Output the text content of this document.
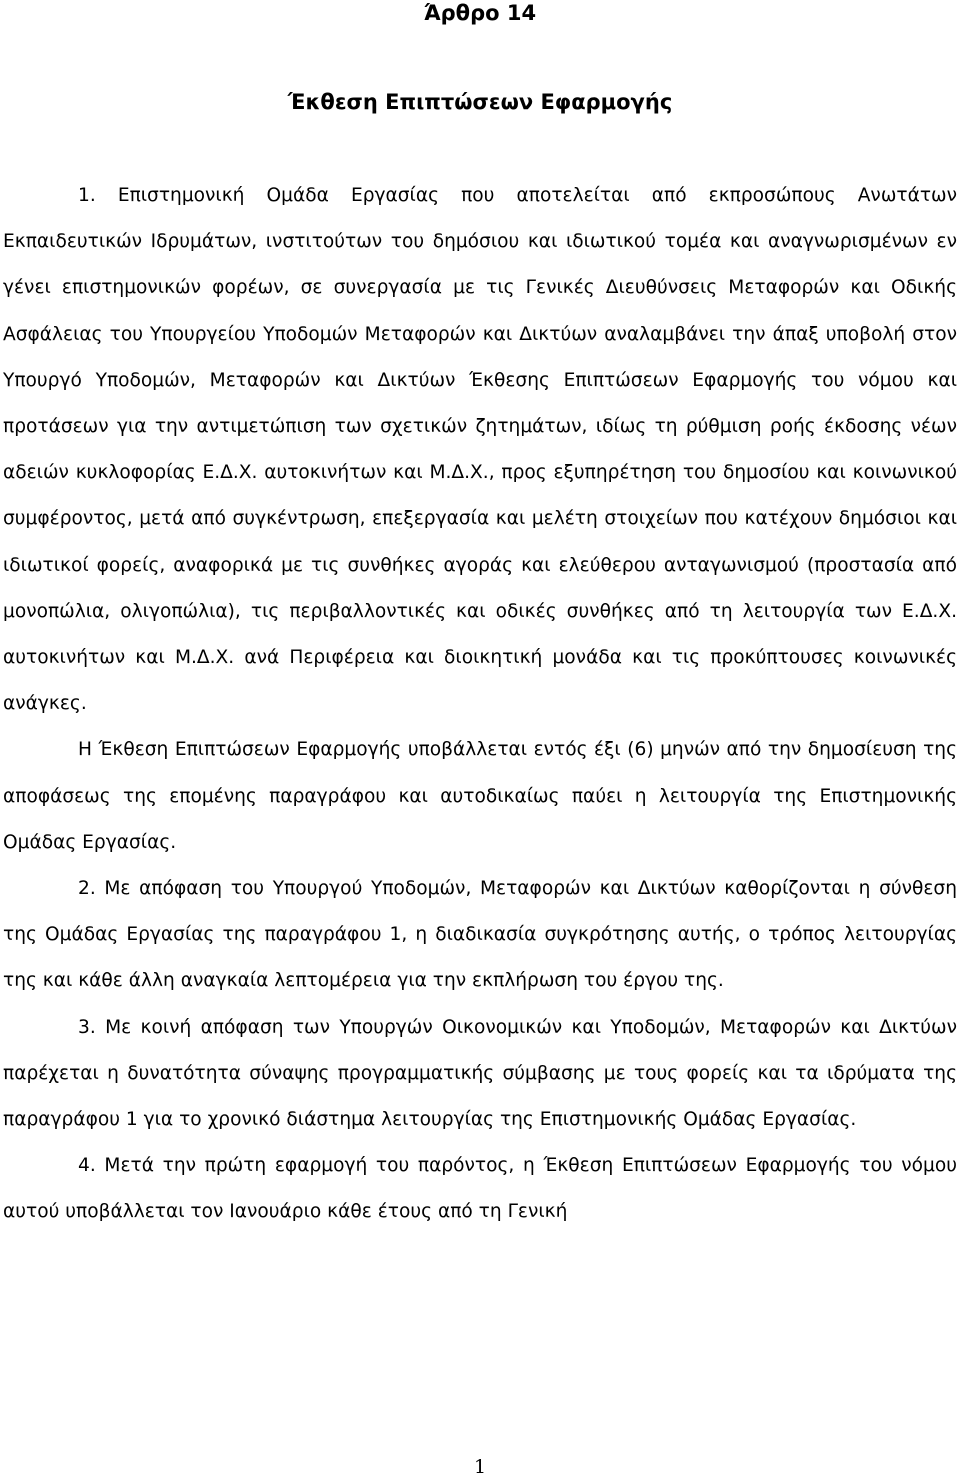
Άρθρο 14
Έκθεση Επιπτώσεων Εφαρμογής

1. Επιστημονική Ομάδα Εργασίας που αποτελείται από εκπροσώπους Ανωτάτων Εκπαιδευτικών Ιδρυμάτων, ινστιτούτων του δημόσιου και ιδιωτικού τομέα και αναγνωρισμένων εν γένει επιστημονικών φορέων, σε συνεργασία με τις Γενικές Διευθύνσεις Μεταφορών και Οδικής Ασφάλειας του Υπουργείου Υποδομών Μεταφορών και Δικτύων αναλαμβάνει την άπαξ υποβολή στον Υπουργό Υποδομών, Μεταφορών και Δικτύων Έκθεσης Επιπτώσεων Εφαρμογής του νόμου και προτάσεων για την αντιμετώπιση των σχετικών ζητημάτων, ιδίως τη ρύθμιση ροής έκδοσης νέων αδειών κυκλοφορίας Ε.Δ.Χ. αυτοκινήτων και Μ.Δ.Χ., προς εξυπηρέτηση του δημοσίου και κοινωνικού συμφέροντος, μετά από συγκέντρωση, επεξεργασία και μελέτη στοιχείων που κατέχουν δημόσιοι και ιδιωτικοί φορείς, αναφορικά με τις συνθήκες αγοράς και ελεύθερου ανταγωνισμού (προστασία από μονοπώλια, ολιγοπώλια), τις περιβαλλοντικές και οδικές συνθήκες από τη λειτουργία των Ε.Δ.Χ. αυτοκινήτων και Μ.Δ.Χ. ανά Περιφέρεια και διοικητική μονάδα και τις προκύπτουσες κοινωνικές ανάγκες.

Η Έκθεση Επιπτώσεων Εφαρμογής υποβάλλεται εντός έξι (6) μηνών από την δημοσίευση της αποφάσεως της επομένης παραγράφου και αυτοδικαίως παύει η λειτουργία της Επιστημονικής Ομάδας Εργασίας.

2. Με απόφαση του Υπουργού Υποδομών, Μεταφορών και Δικτύων καθορίζονται η σύνθεση της Ομάδας Εργασίας της παραγράφου 1, η διαδικασία συγκρότησης αυτής, ο τρόπος λειτουργίας της και κάθε άλλη αναγκαία λεπτομέρεια για την εκπλήρωση του έργου της.

3. Με κοινή απόφαση των Υπουργών Οικονομικών και Υποδομών, Μεταφορών και Δικτύων παρέχεται η δυνατότητα σύναψης προγραμματικής σύμβασης με τους φορείς και τα ιδρύματα της παραγράφου 1 για το χρονικό διάστημα λειτουργίας της Επιστημονικής Ομάδας Εργασίας.

4. Μετά την πρώτη εφαρμογή του παρόντος, η Έκθεση Επιπτώσεων Εφαρμογής του νόμου αυτού υποβάλλεται τον Ιανουάριο κάθε έτους από τη Γενική

1
